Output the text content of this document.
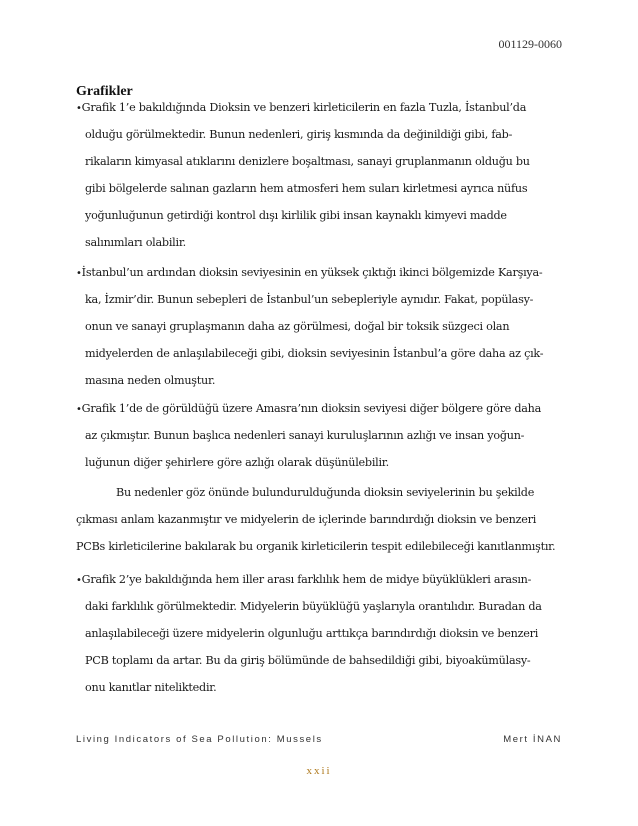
001129-0060
Grafikler
•Grafik 1’e bakıldığında Dioksin ve benzeri kirleticilerin en fazla Tuzla, İstanbul’da
olduğu görülmektedir. Bunun nedenleri, giriş kısmında da değinildiği gibi, fab-
rikaların kimyasal atıklarını denizlere boşaltması, sanayi gruplanmanın olduğu bu
gibi bölgelerde salınan gazların hem atmosferi hem suları kirletmesi ayrıca nüfus
yoğunluğunun getirdiği kontrol dışı kirlilik gibi insan kaynaklı kimyevi madde
salınımları olabilir.
•İstanbul’un ardından dioksin seviyesinin en yüksek çıktığı ikinci bölgemizde Karşıya-
ka, İzmir’dir. Bunun sebepleri de İstanbul’un sebepleriyle aynıdır. Fakat, popülasy-
onun ve sanayi gruplaşmanın daha az görülmesi, doğal bir toksik süzgeci olan
midyelerden de anlaşılabileceği gibi, dioksin seviyesinin İstanbul’a göre daha az çık-
masına neden olmuştur.
•Grafik 1’de de görüldüğü üzere Amasra’nın dioksin seviyesi diğer bölgere göre daha
az çıkmıştır. Bunun başlıca nedenleri sanayi kuruluşlarının azlığı ve insan yoğun-
luğunun diğer şehirlere göre azlığı olarak düşünülebilir.
Bu nedenler göz önünde bulundurulduğunda dioksin seviyelerinin bu şekilde
çıkması anlam kazanmıştır ve midyelerin de içlerinde barındırdığı dioksin ve benzeri
PCBs kirleticilerine bakılarak bu organik kirleticilerin tespit edilebileceği kanıtlanmıştır.
•Grafik 2’ye bakıldığında hem iller arası farklılık hem de midye büyüklükleri arasın-
daki farklılık görülmektedir. Midyelerin büyüklüğü yaşlarıyla orantılıdır. Buradan da
anlaşılabileceği üzere midyelerin olgunluğu arttıkça barındırdığı dioksin ve benzeri
PCB toplamı da artar. Bu da giriş bölümünde de bahsedildiği gibi, biyoakümülasy-
onu kanıtlar niteliktedir.
Living Indicators of Sea Pollution: Mussels	Mert İNAN
xxii
